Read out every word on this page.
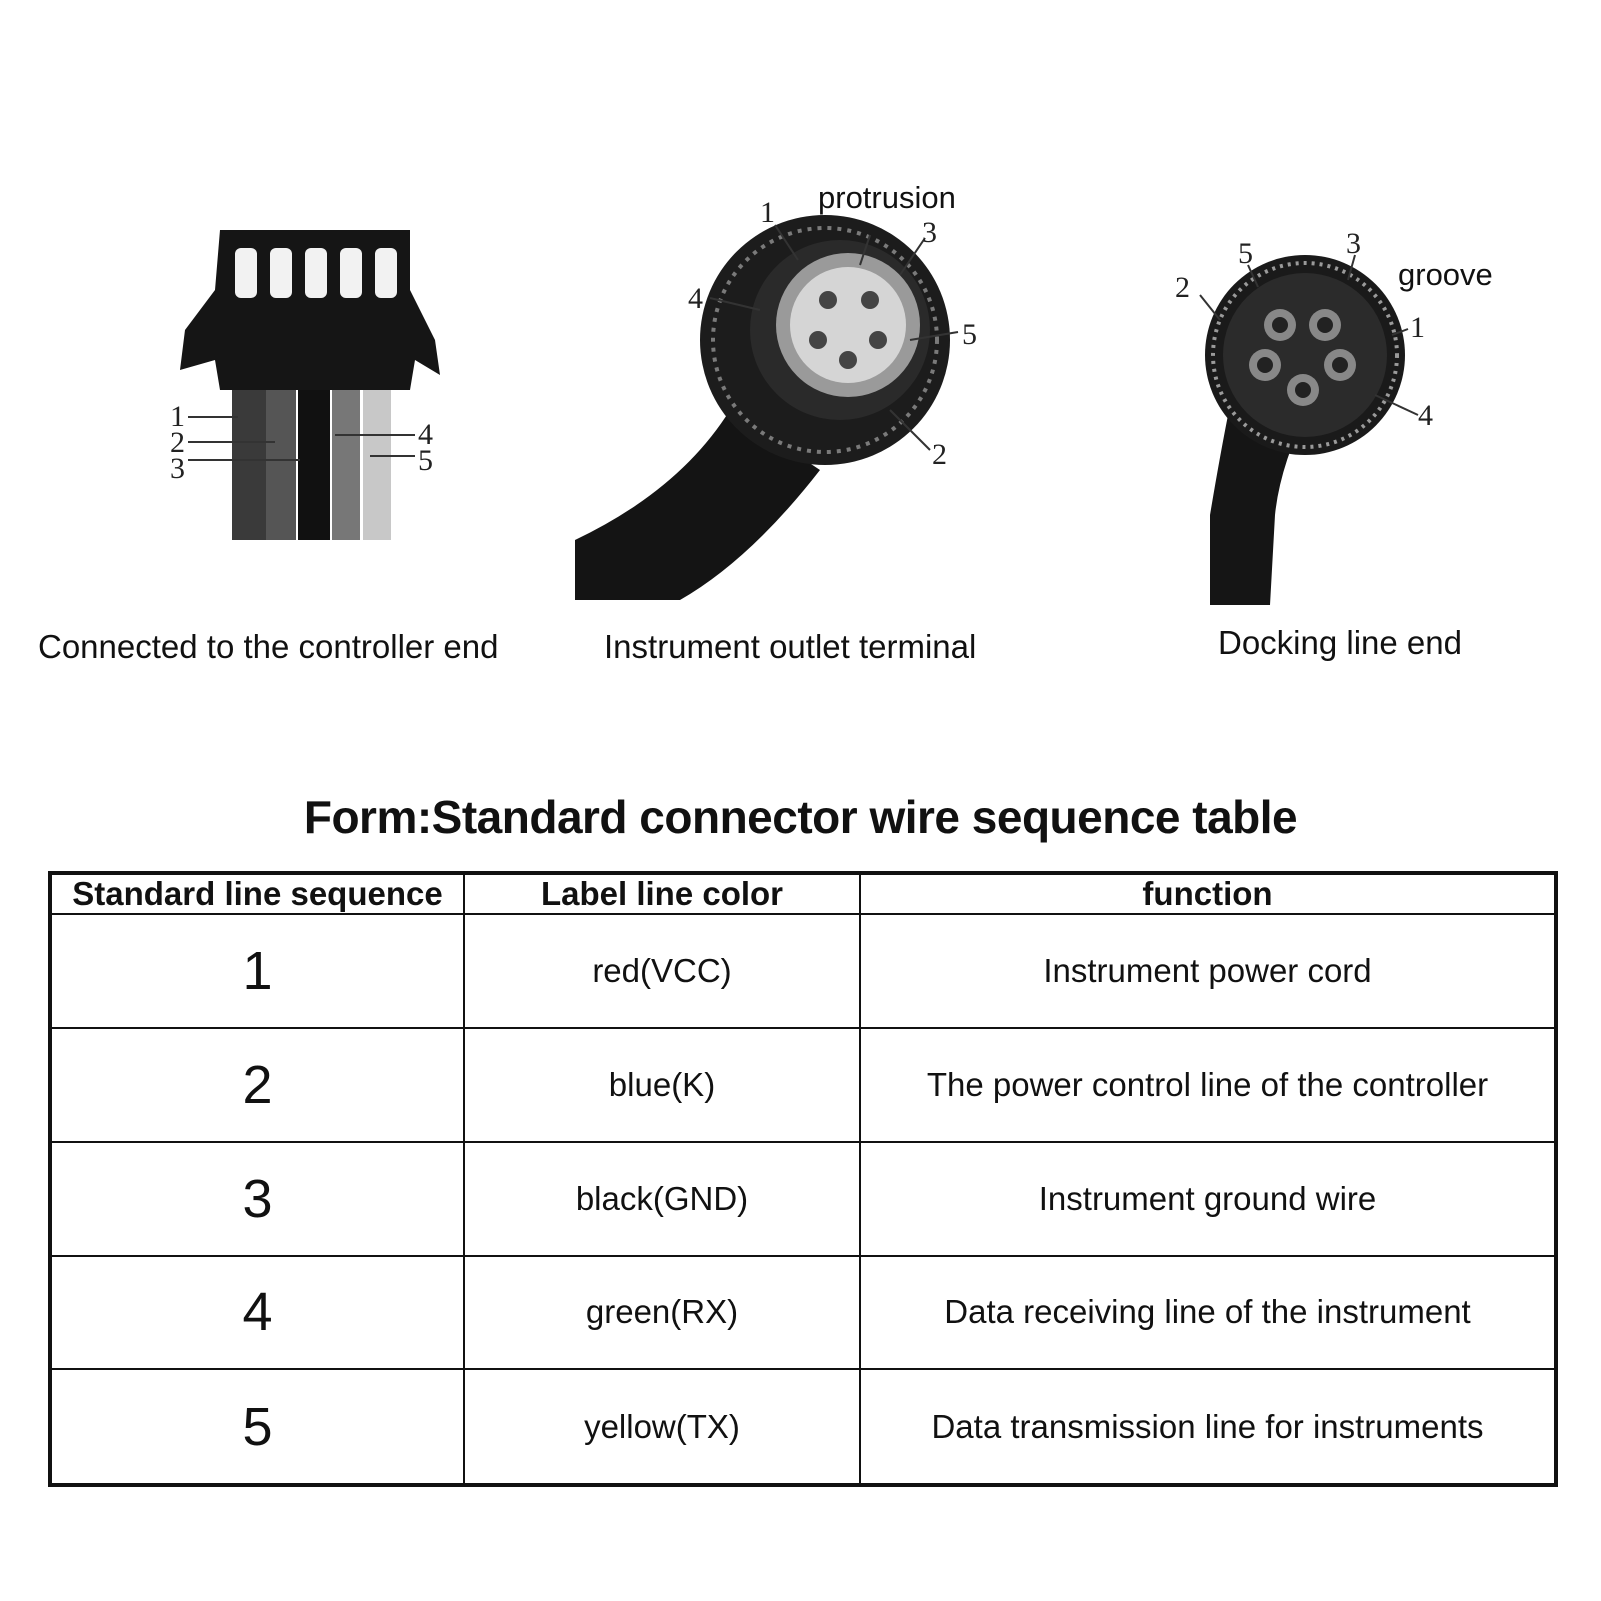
1
2
3
4
5
Connected to the controller end
1 protrusion
3
4
5
2
Instrument outlet terminal
2
5	3
groove
1
4
Docking line end
Form:Standard connector wire sequence table
Standard line sequence	Label line color	function
1	red(VCC)	Instrument power cord
2	blue(K)	The power control line of the controller
3	black(GND)	Instrument ground wire
4	green(RX)	Data receiving line of the instrument
5	yellow(TX)	Data transmission line for instruments
